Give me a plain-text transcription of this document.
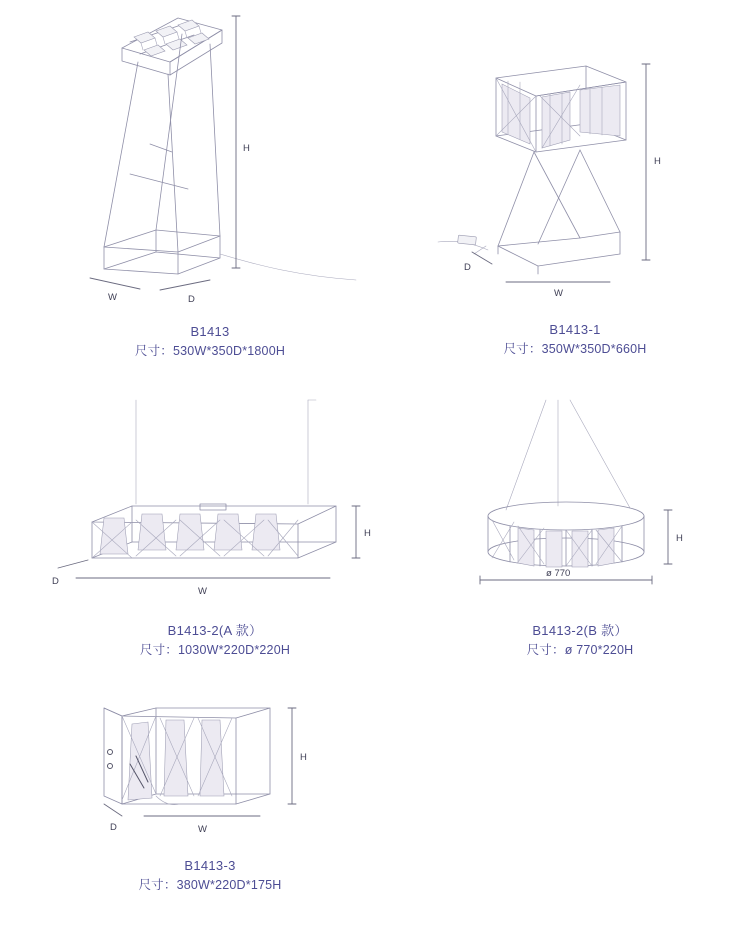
H
W	D
B1413
尺寸：530W*350D*1800H
H
W
D
B1413-1
尺寸：350W*350D*660H
H
W
D
B1413-2(A 款）
尺寸：1030W*220D*220H
H
ø 770
B1413-2(B 款）
尺寸：ø 770*220H
H
W
D
B1413-3
尺寸：380W*220D*175H
